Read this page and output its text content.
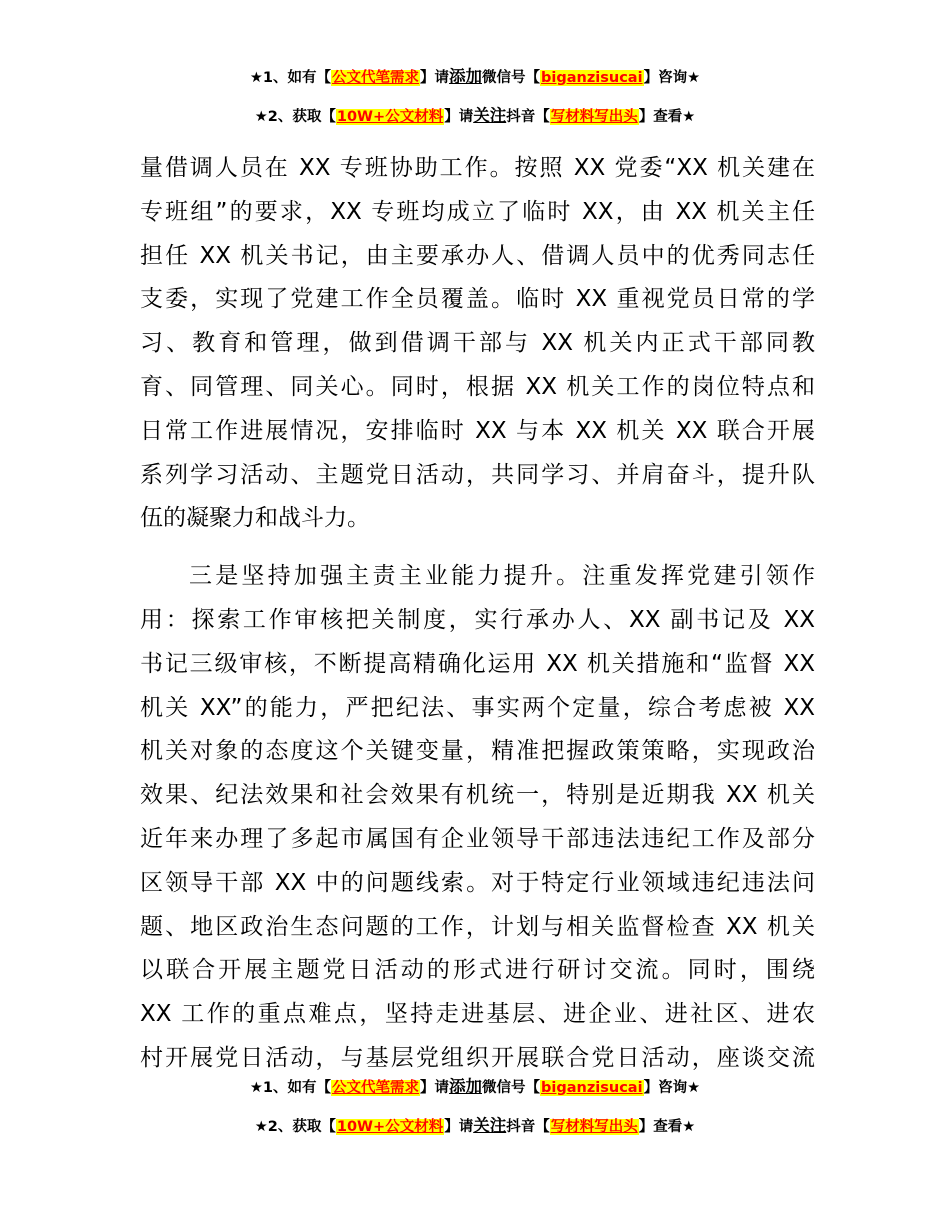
★1、如有【公文代笔需求】请添加微信号【biganzisucai】咨询★
★2、获取【10W+公文材料】请关注抖音【写材料写出头】查看★
量借调人员在 XX 专班协助工作。按照 XX 党委“XX 机关建在
专班组”的要求，XX 专班均成立了临时 XX，由 XX 机关主任
担任 XX 机关书记，由主要承办人、借调人员中的优秀同志任
支委，实现了党建工作全员覆盖。临时 XX 重视党员日常的学
习、教育和管理，做到借调干部与 XX 机关内正式干部同教
育、同管理、同关心。同时，根据 XX 机关工作的岗位特点和
日常工作进展情况，安排临时 XX 与本 XX 机关 XX 联合开展
系列学习活动、主题党日活动，共同学习、并肩奋斗，提升队
伍的凝聚力和战斗力。
三是坚持加强主责主业能力提升。注重发挥党建引领作
用：探索工作审核把关制度，实行承办人、XX 副书记及 XX
书记三级审核，不断提高精确化运用 XX 机关措施和“监督 XX
机关 XX”的能力，严把纪法、事实两个定量，综合考虑被 XX
机关对象的态度这个关键变量，精准把握政策策略，实现政治
效果、纪法效果和社会效果有机统一，特别是近期我 XX 机关
近年来办理了多起市属国有企业领导干部违法违纪工作及部分
区领导干部 XX 中的问题线索。对于特定行业领域违纪违法问
题、地区政治生态问题的工作，计划与相关监督检查 XX 机关
以联合开展主题党日活动的形式进行研讨交流。同时，围绕
XX 工作的重点难点，坚持走进基层、进企业、进社区、进农
村开展党日活动，与基层党组织开展联合党日活动，座谈交流
★1、如有【公文代笔需求】请添加微信号【biganzisucai】咨询★
★2、获取【10W+公文材料】请关注抖音【写材料写出头】查看★
